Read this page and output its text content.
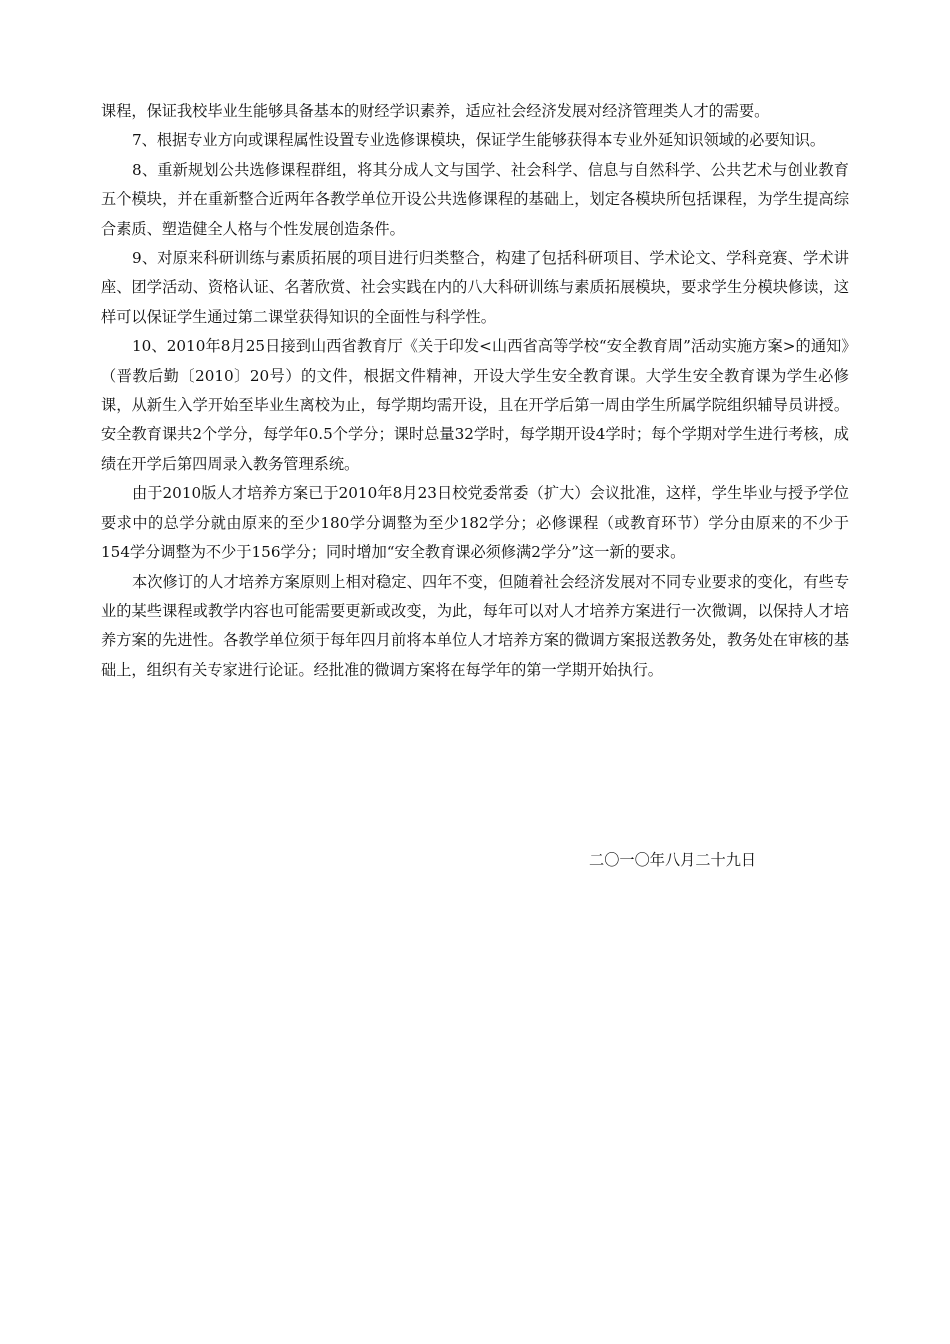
课程，保证我校毕业生能够具备基本的财经学识素养，适应社会经济发展对经济管理类人才的需要。

7、根据专业方向或课程属性设置专业选修课模块，保证学生能够获得本专业外延知识领域的必要知识。

8、重新规划公共选修课程群组，将其分成人文与国学、社会科学、信息与自然科学、公共艺术与创业教育五个模块，并在重新整合近两年各教学单位开设公共选修课程的基础上，划定各模块所包括课程，为学生提高综合素质、塑造健全人格与个性发展创造条件。

9、对原来科研训练与素质拓展的项目进行归类整合，构建了包括科研项目、学术论文、学科竞赛、学术讲座、团学活动、资格认证、名著欣赏、社会实践在内的八大科研训练与素质拓展模块，要求学生分模块修读，这样可以保证学生通过第二课堂获得知识的全面性与科学性。

10、2010年8月25日接到山西省教育厅《关于印发<山西省高等学校“安全教育周”活动实施方案>的通知》（晋教后勤〔2010〕20号）的文件，根据文件精神，开设大学生安全教育课。大学生安全教育课为学生必修课，从新生入学开始至毕业生离校为止，每学期均需开设，且在开学后第一周由学生所属学院组织辅导员讲授。安全教育课共2个学分，每学年0.5个学分；课时总量32学时，每学期开设4学时；每个学期对学生进行考核，成绩在开学后第四周录入教务管理系统。

由于2010版人才培养方案已于2010年8月23日校党委常委（扩大）会议批准，这样，学生毕业与授予学位要求中的总学分就由原来的至少180学分调整为至少182学分；必修课程（或教育环节）学分由原来的不少于154学分调整为不少于156学分；同时增加“安全教育课必须修满2学分”这一新的要求。

本次修订的人才培养方案原则上相对稳定、四年不变，但随着社会经济发展对不同专业要求的变化，有些专业的某些课程或教学内容也可能需要更新或改变，为此，每年可以对人才培养方案进行一次微调，以保持人才培养方案的先进性。各教学单位须于每年四月前将本单位人才培养方案的微调方案报送教务处，教务处在审核的基础上，组织有关专家进行论证。经批准的微调方案将在每学年的第一学期开始执行。

二〇一〇年八月二十九日
